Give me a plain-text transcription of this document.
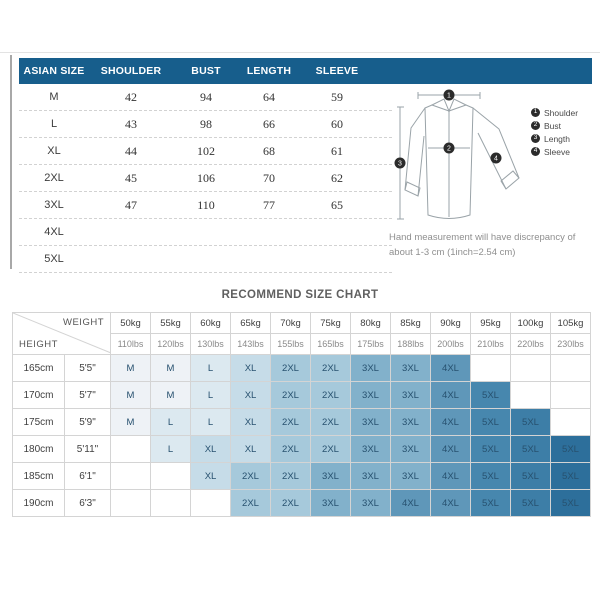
ASIAN SIZE	SHOULDER	BUST	LENGTH	SLEEVE
M	42	94	64	59
L	43	98	66	60
XL	44	102	68	61
2XL	45	106	70	62
3XL	47	110	77	65
4XL
5XL
1
2
3
4
1 Shoulder
2 Bust
3 Length
4 Sleeve
Hand measurement will have discrepancy of
about 1-3 cm (1inch=2.54 cm)
RECOMMEND SIZE CHART
WEIGHT
HEIGHT		50kg	55kg	60kg	65kg	70kg	75kg	80kg	85kg	90kg	95kg	100kg	105kg
		110lbs	120lbs	130lbs	143lbs	155lbs	165lbs	175lbs	188lbs	200lbs	210lbs	220lbs	230lbs
165cm	5'5"	M	M	L	XL	2XL	2XL	3XL	3XL	4XL			
170cm	5'7"	M	M	L	XL	2XL	2XL	3XL	3XL	4XL	5XL		
175cm	5'9"	M	L	L	XL	2XL	2XL	3XL	3XL	4XL	5XL	5XL	
180cm	5'11"		L	XL	XL	2XL	2XL	3XL	3XL	4XL	5XL	5XL	5XL
185cm	6'1"			XL	2XL	2XL	3XL	3XL	3XL	4XL	5XL	5XL	5XL
190cm	6'3"				2XL	2XL	3XL	3XL	4XL	4XL	5XL	5XL	5XL
